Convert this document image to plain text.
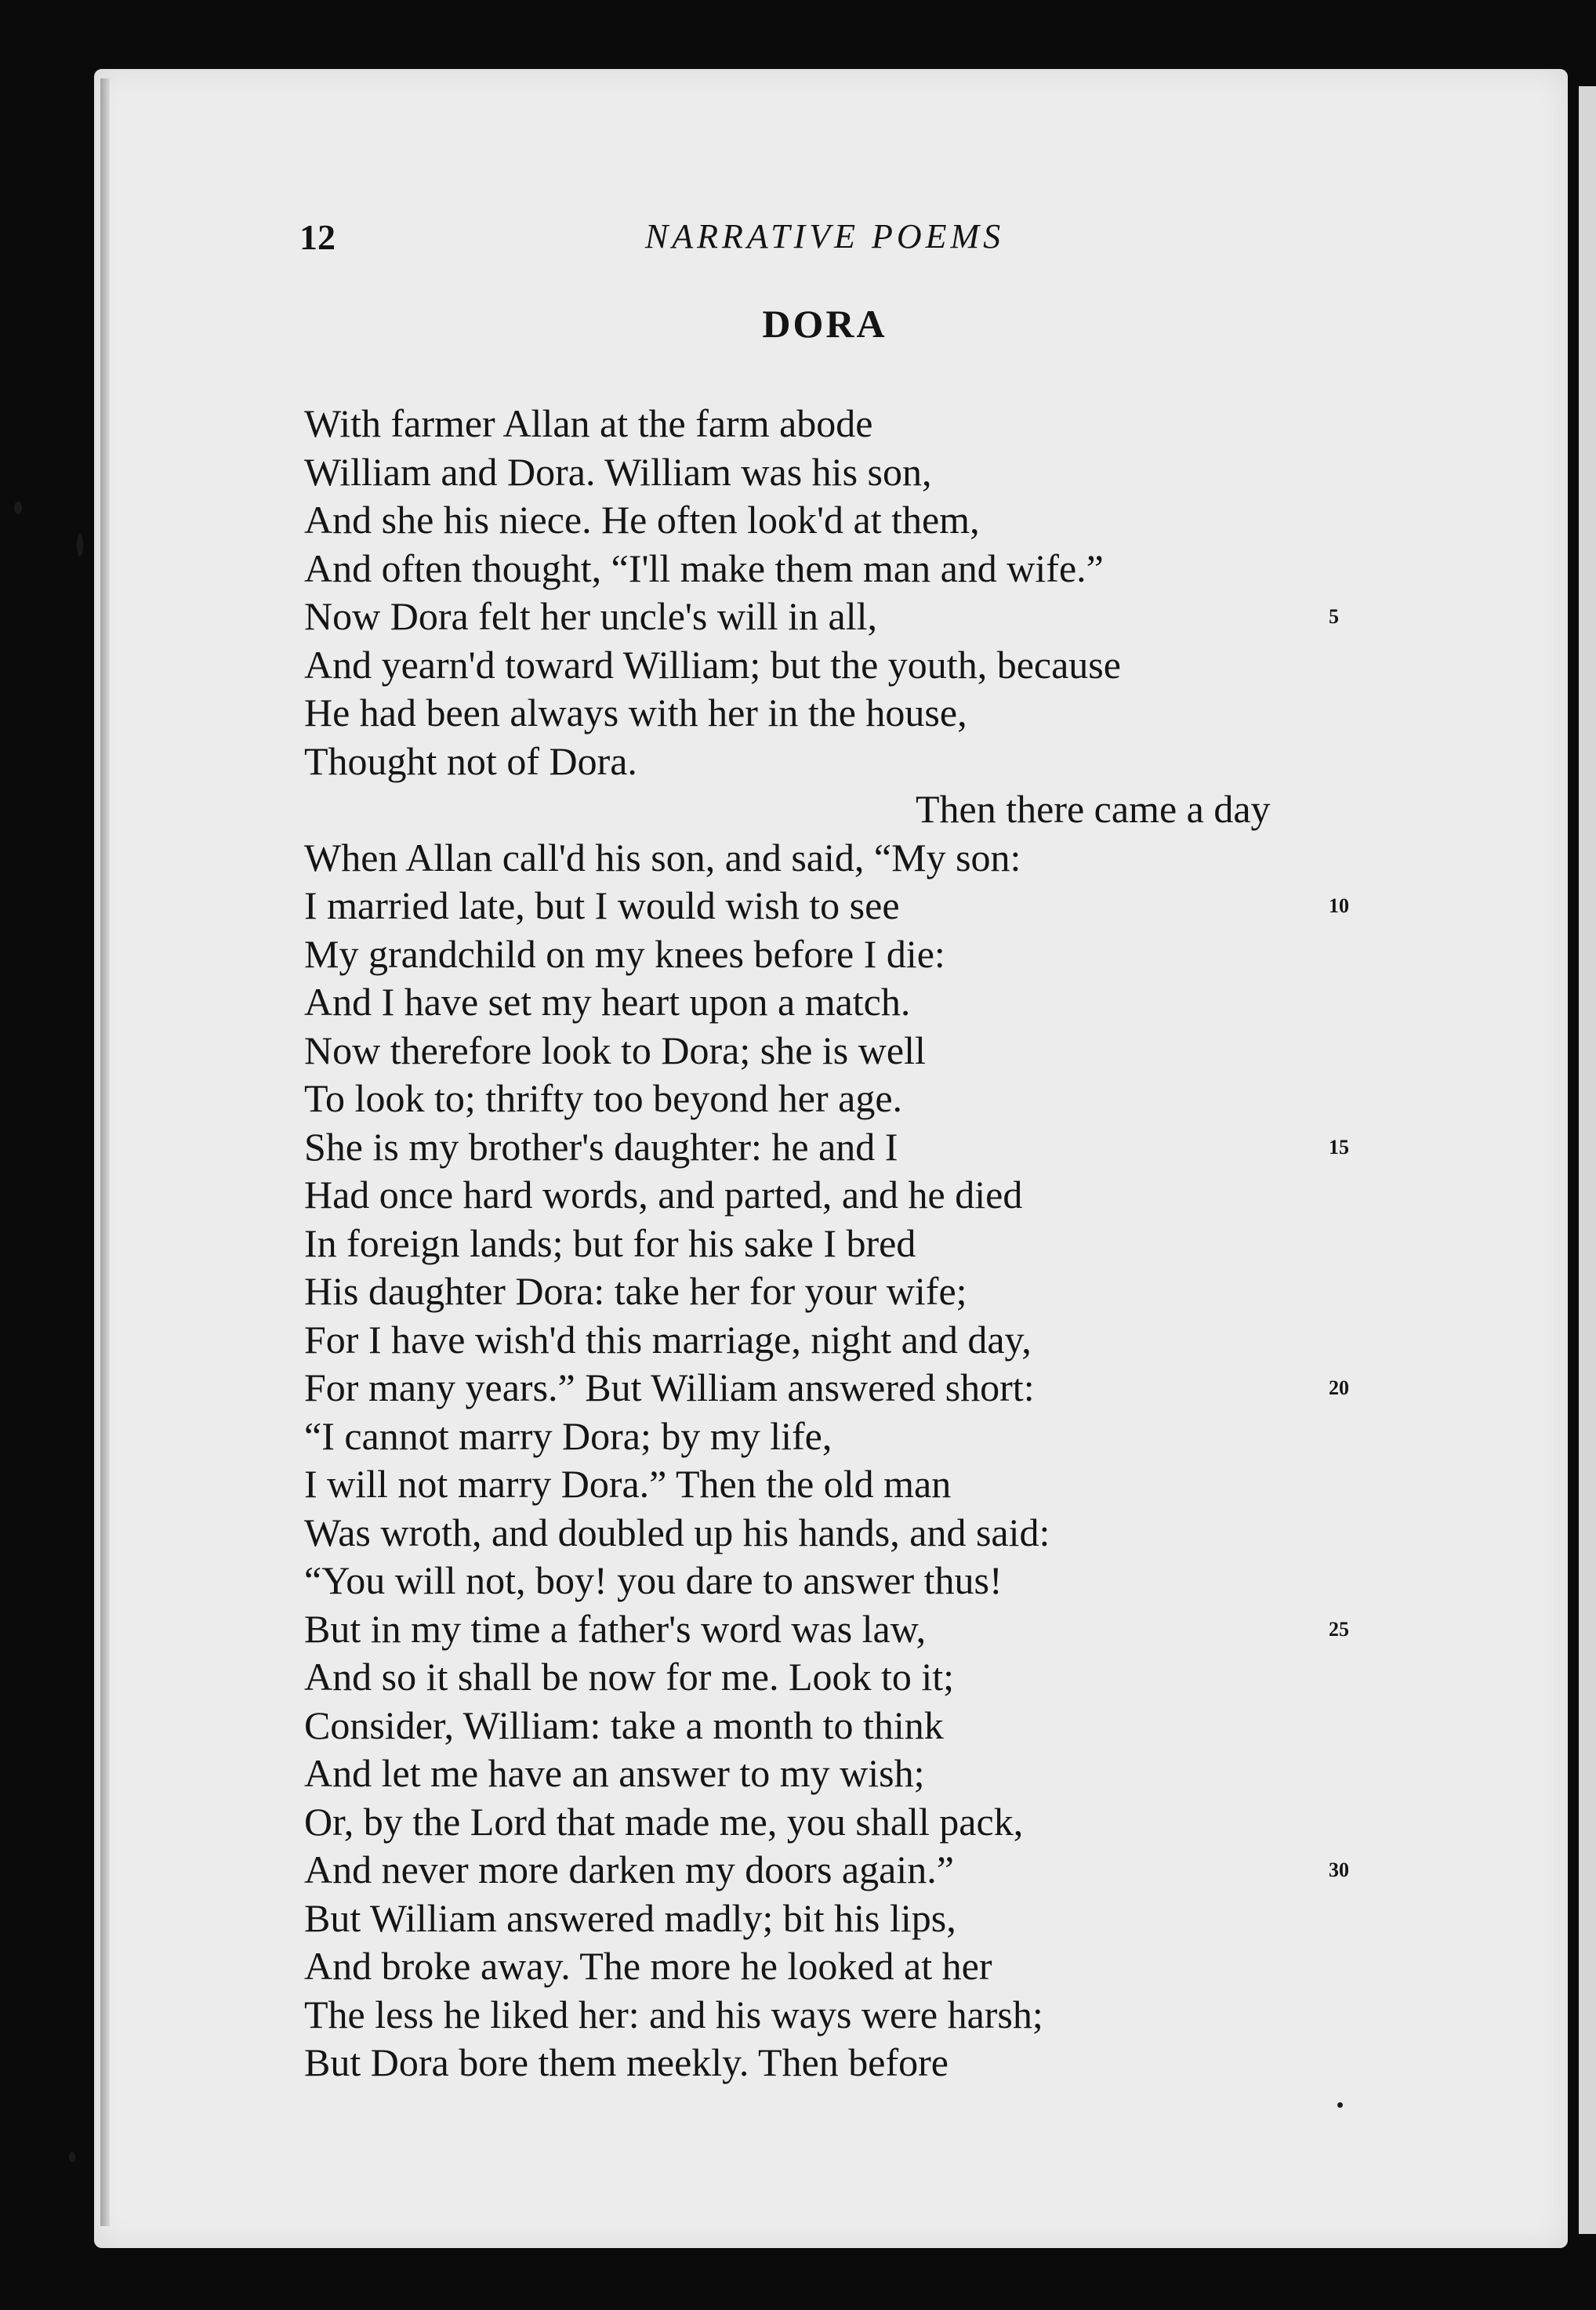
12	NARRATIVE POEMS
DORA
With farmer Allan at the farm abode
William and Dora. William was his son,
And she his niece. He often look'd at them,
And often thought, “I'll make them man and wife.”
Now Dora felt her uncle's will in all,	5
And yearn'd toward William; but the youth, because
He had been always with her in the house,
Thought not of Dora.
Then there came a day
When Allan call'd his son, and said, “My son:
I married late, but I would wish to see	10
My grandchild on my knees before I die:
And I have set my heart upon a match.
Now therefore look to Dora; she is well
To look to; thrifty too beyond her age.
She is my brother's daughter: he and I	15
Had once hard words, and parted, and he died
In foreign lands; but for his sake I bred
His daughter Dora: take her for your wife;
For I have wish'd this marriage, night and day,
For many years.” But William answered short:	20
“I cannot marry Dora; by my life,
I will not marry Dora.” Then the old man
Was wroth, and doubled up his hands, and said:
“You will not, boy! you dare to answer thus!
But in my time a father's word was law,	25
And so it shall be now for me. Look to it;
Consider, William: take a month to think
And let me have an answer to my wish;
Or, by the Lord that made me, you shall pack,
And never more darken my doors again.”	30
But William answered madly; bit his lips,
And broke away. The more he looked at her
The less he liked her: and his ways were harsh;
But Dora bore them meekly. Then before
